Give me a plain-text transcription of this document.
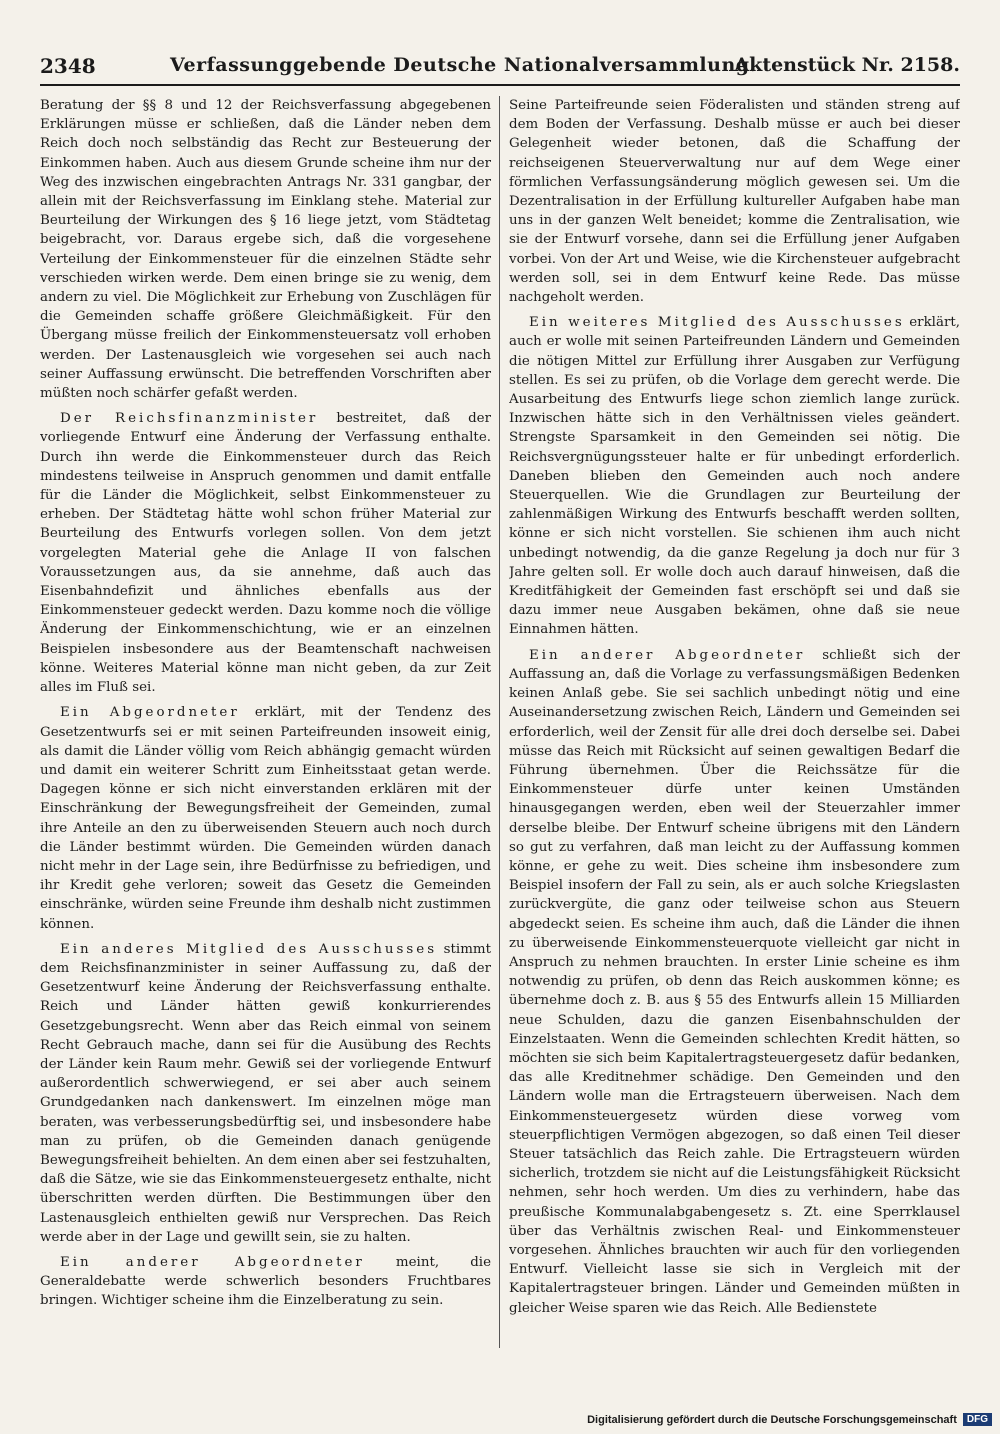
2348	Verfassunggebende Deutsche Nationalversammlung.
Aktenstück Nr. 2158.

Beratung der §§ 8 und 12 der Reichsverfassung abgegebenen Erklärungen müsse er schließen, daß die Länder neben dem Reich doch noch selbständig das Recht zur Besteuerung der Einkommen haben. Auch aus diesem Grunde scheine ihm nur der Weg des inzwischen eingebrachten Antrags Nr. 331 gangbar, der allein mit der Reichsverfassung im Einklang stehe. Material zur Beurteilung der Wirkungen des § 16 liege jetzt, vom Städtetag beigebracht, vor. Daraus ergebe sich, daß die vorgesehene Verteilung der Einkommensteuer für die einzelnen Städte sehr verschieden wirken werde. Dem einen bringe sie zu wenig, dem andern zu viel. Die Möglichkeit zur Erhebung von Zuschlägen für die Gemeinden schaffe größere Gleichmäßigkeit. Für den Übergang müsse freilich der Einkommensteuersatz voll erhoben werden. Der Lastenausgleich wie vorgesehen sei auch nach seiner Auffassung erwünscht. Die betreffenden Vorschriften aber müßten noch schärfer gefaßt werden.

Der Reichsfinanzminister bestreitet, daß der vorliegende Entwurf eine Änderung der Verfassung enthalte. Durch ihn werde die Einkommensteuer durch das Reich mindestens teilweise in Anspruch genommen und damit entfalle für die Länder die Möglichkeit, selbst Einkommensteuer zu erheben. Der Städtetag hätte wohl schon früher Material zur Beurteilung des Entwurfs vorlegen sollen. Von dem jetzt vorgelegten Material gehe die Anlage II von falschen Voraussetzungen aus, da sie annehme, daß auch das Eisenbahndefizit und ähnliches ebenfalls aus der Einkommensteuer gedeckt werden. Dazu komme noch die völlige Änderung der Einkommenschichtung, wie er an einzelnen Beispielen insbesondere aus der Beamtenschaft nachweisen könne. Weiteres Material könne man nicht geben, da zur Zeit alles im Fluß sei.

Ein Abgeordneter erklärt, mit der Tendenz des Gesetzentwurfs sei er mit seinen Parteifreunden insoweit einig, als damit die Länder völlig vom Reich abhängig gemacht würden und damit ein weiterer Schritt zum Einheitsstaat getan werde. Dagegen könne er sich nicht einverstanden erklären mit der Einschränkung der Bewegungsfreiheit der Gemeinden, zumal ihre Anteile an den zu überweisenden Steuern auch noch durch die Länder bestimmt würden. Die Gemeinden würden danach nicht mehr in der Lage sein, ihre Bedürfnisse zu befriedigen, und ihr Kredit gehe verloren; soweit das Gesetz die Gemeinden einschränke, würden seine Freunde ihm deshalb nicht zustimmen können.

Ein anderes Mitglied des Ausschusses stimmt dem Reichsfinanzminister in seiner Auffassung zu, daß der Gesetzentwurf keine Änderung der Reichsverfassung enthalte. Reich und Länder hätten gewiß konkurrierendes Gesetzgebungsrecht. Wenn aber das Reich einmal von seinem Recht Gebrauch mache, dann sei für die Ausübung des Rechts der Länder kein Raum mehr. Gewiß sei der vorliegende Entwurf außerordentlich schwerwiegend, er sei aber auch seinem Grundgedanken nach dankenswert. Im einzelnen möge man beraten, was verbesserungsbedürftig sei, und insbesondere habe man zu prüfen, ob die Gemeinden danach genügende Bewegungsfreiheit behielten. An dem einen aber sei festzuhalten, daß die Sätze, wie sie das Einkommensteuergesetz enthalte, nicht überschritten werden dürften. Die Bestimmungen über den Lastenausgleich enthielten gewiß nur Versprechen. Das Reich werde aber in der Lage und gewillt sein, sie zu halten.

Ein anderer Abgeordneter meint, die Generaldebatte werde schwerlich besonders Fruchtbares bringen. Wichtiger scheine ihm die Einzelberatung zu sein.

Seine Parteifreunde seien Föderalisten und ständen streng auf dem Boden der Verfassung. Deshalb müsse er auch bei dieser Gelegenheit wieder betonen, daß die Schaffung der reichseigenen Steuerverwaltung nur auf dem Wege einer förmlichen Verfassungsänderung möglich gewesen sei. Um die Dezentralisation in der Erfüllung kultureller Aufgaben habe man uns in der ganzen Welt beneidet; komme die Zentralisation, wie sie der Entwurf vorsehe, dann sei die Erfüllung jener Aufgaben vorbei. Von der Art und Weise, wie die Kirchensteuer aufgebracht werden soll, sei in dem Entwurf keine Rede. Das müsse nachgeholt werden.

Ein weiteres Mitglied des Ausschusses erklärt, auch er wolle mit seinen Parteifreunden Ländern und Gemeinden die nötigen Mittel zur Erfüllung ihrer Ausgaben zur Verfügung stellen. Es sei zu prüfen, ob die Vorlage dem gerecht werde. Die Ausarbeitung des Entwurfs liege schon ziemlich lange zurück. Inzwischen hätte sich in den Verhältnissen vieles geändert. Strengste Sparsamkeit in den Gemeinden sei nötig. Die Reichsvergnügungssteuer halte er für unbedingt erforderlich. Daneben blieben den Gemeinden auch noch andere Steuerquellen. Wie die Grundlagen zur Beurteilung der zahlenmäßigen Wirkung des Entwurfs beschafft werden sollten, könne er sich nicht vorstellen. Sie schienen ihm auch nicht unbedingt notwendig, da die ganze Regelung ja doch nur für 3 Jahre gelten soll. Er wolle doch auch darauf hinweisen, daß die Kreditfähigkeit der Gemeinden fast erschöpft sei und daß sie dazu immer neue Ausgaben bekämen, ohne daß sie neue Einnahmen hätten.

Ein anderer Abgeordneter schließt sich der Auffassung an, daß die Vorlage zu verfassungsmäßigen Bedenken keinen Anlaß gebe. Sie sei sachlich unbedingt nötig und eine Auseinandersetzung zwischen Reich, Ländern und Gemeinden sei erforderlich, weil der Zensit für alle drei doch derselbe sei. Dabei müsse das Reich mit Rücksicht auf seinen gewaltigen Bedarf die Führung übernehmen. Über die Reichssätze für die Einkommensteuer dürfe unter keinen Umständen hinausgegangen werden, eben weil der Steuerzahler immer derselbe bleibe. Der Entwurf scheine übrigens mit den Ländern so gut zu verfahren, daß man leicht zu der Auffassung kommen könne, er gehe zu weit. Dies scheine ihm insbesondere zum Beispiel insofern der Fall zu sein, als er auch solche Kriegslasten zurückvergüte, die ganz oder teilweise schon aus Steuern abgedeckt seien. Es scheine ihm auch, daß die Länder die ihnen zu überweisende Einkommensteuerquote vielleicht gar nicht in Anspruch zu nehmen brauchten. In erster Linie scheine es ihm notwendig zu prüfen, ob denn das Reich auskommen könne; es übernehme doch z. B. aus § 55 des Entwurfs allein 15 Milliarden neue Schulden, dazu die ganzen Eisenbahnschulden der Einzelstaaten. Wenn die Gemeinden schlechten Kredit hätten, so möchten sie sich beim Kapitalertragsteuergesetz dafür bedanken, das alle Kreditnehmer schädige. Den Gemeinden und den Ländern wolle man die Ertragsteuern überweisen. Nach dem Einkommensteuergesetz würden diese vorweg vom steuerpflichtigen Vermögen abgezogen, so daß einen Teil dieser Steuer tatsächlich das Reich zahle. Die Ertragsteuern würden sicherlich, trotzdem sie nicht auf die Leistungsfähigkeit Rücksicht nehmen, sehr hoch werden. Um dies zu verhindern, habe das preußische Kommunalabgabengesetz s. Zt. eine Sperrklausel über das Verhältnis zwischen Real- und Einkommensteuer vorgesehen. Ähnliches brauchten wir auch für den vorliegenden Entwurf. Vielleicht lasse sie sich in Vergleich mit der Kapitalertragsteuer bringen. Länder und Gemeinden müßten in gleicher Weise sparen wie das Reich. Alle Bedienstete

Digitalisierung gefördert durch die Deutsche Forschungsgemeinschaft	DFG
